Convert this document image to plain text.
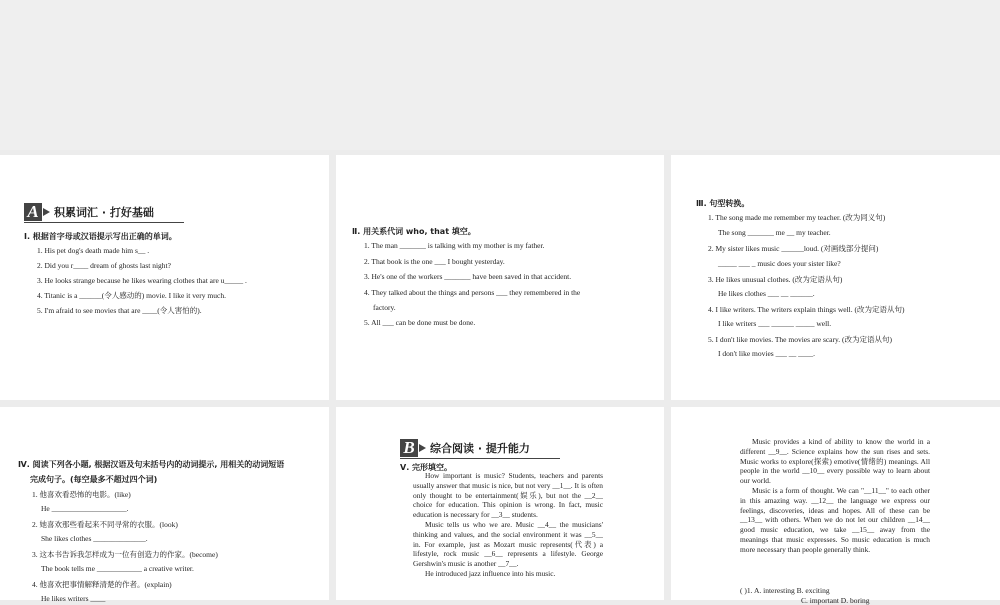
A	积累词汇 · 打好基础
Ⅰ. 根据首字母或汉语提示写出正确的单词。
1. His pet dog's death made him s__ .
2. Did you r____ dream of ghosts last night?
3. He looks strange because he likes wearing clothes that are u_____ .
4. Titanic is a ______(令人感动的) movie. I like it very much.
5. I'm afraid to see movies that are ____(令人害怕的).
Ⅱ. 用关系代词 who, that 填空。
1. The man _______ is talking with my mother is my father.
2. That book is the one ___ I bought yesterday.
3. He's one of the workers _______ have been saved in that accident.
4. They talked about the things and persons ___ they remembered in the
factory.
5. All ___ can be done must be done.
Ⅲ. 句型转换。
1. The song made me remember my teacher. (改为同义句)
The song _______ me __ my teacher.
2. My sister likes music ______loud. (对画线部分提问)
_____ ___ _ music does your sister like?
3. He likes unusual clothes. (改为定语从句)
He likes clothes ___ __ ______.
4. I like writers. The writers explain things well. (改为定语从句)
I like writers ___ ______ _____ well.
5. I don't like movies. The movies are scary. (改为定语从句)
I don't like movies ___ __ ____.
Ⅳ. 阅读下列各小题, 根据汉语及句末括号内的动词提示, 用相关的动词短语
完成句子。(每空最多不超过四个词)
1. 他喜欢看恐怖的电影。(like)
He ____________________.
2. 她喜欢那些看起来不同寻常的衣服。(look)
She likes clothes ______________.
3. 这本书告诉我怎样成为一位有创造力的作家。(become)
The book tells me ____________ a creative writer.
4. 他喜欢把事情解释清楚的作者。(explain)
He likes writers ____
B	综合阅读 · 提升能力
Ⅴ. 完形填空。

How important is music? Students, teachers and parents usually answer that music is nice, but not very __1__. It is often only thought to be entertainment(娱乐), but not the __2__ choice for education. This opinion is wrong. In fact, music education is necessary for __3__ students.

Music tells us who we are. Music __4__ the musicians' thinking and values, and the social environment it was __5__ in. For example, just as Mozart music represents(代表) a lifestyle, rock music __6__ represents a lifestyle. George Gershwin's music is another __7__.

He introduced jazz influence into his music.

Music provides a kind of ability to know the world in a different __9__. Science explains how the sun rises and sets. Music works to explore(探索) emotive(情绪的) meanings. All people in the world __10__ every possible way to learn about our world.

Music is a form of thought. We can "__11__" to each other in this amazing way. __12__ the language we express our feelings, discoveries, ideas and hopes. All of these can be __13__ with others. When we do not let our children __14__ good music education, we take __15__ away from the meanings that music expresses. So music education is much more necessary than people generally think.

( )1. A. interesting B. exciting
C. important D. boring
